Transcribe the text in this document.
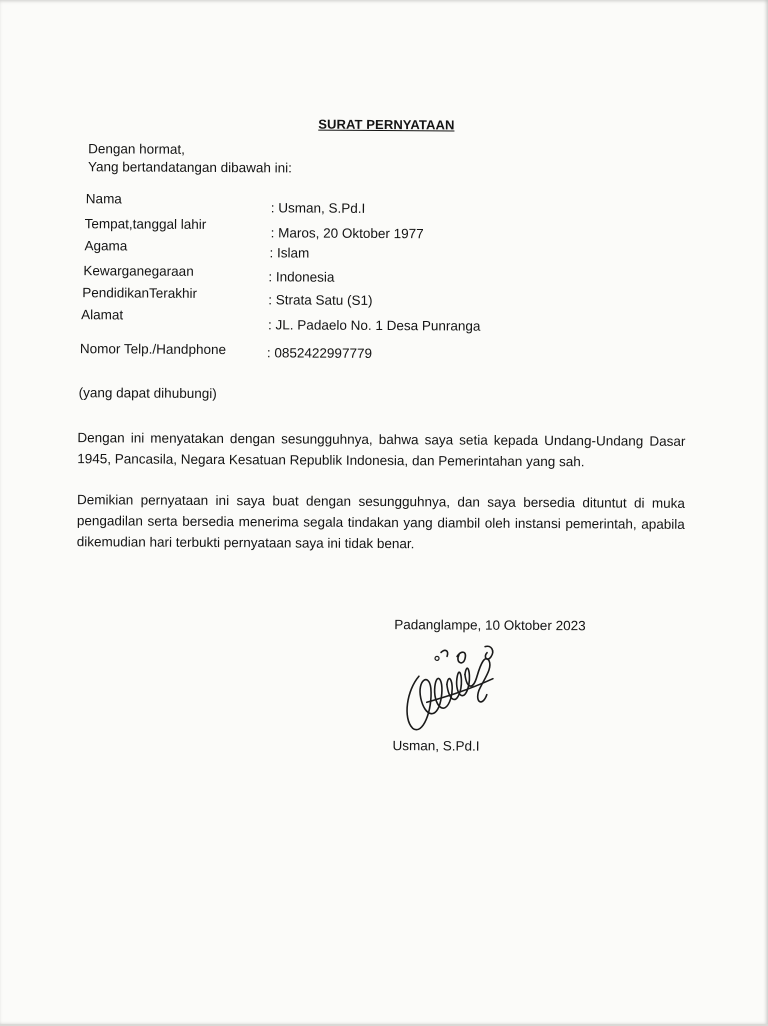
SURAT PERNYATAAN
Dengan hormat,
Yang bertandatangan dibawah ini:
Nama
Tempat,tanggal lahir
Agama
Kewarganegaraan
PendidikanTerakhir
Alamat
Nomor Telp./Handphone
: Usman, S.Pd.I
: Maros, 20 Oktober 1977
: Islam
: Indonesia
: Strata Satu (S1)
: JL. Padaelo No. 1 Desa Punranga
: 0852422997779
(yang dapat dihubungi)
Dengan ini menyatakan dengan sesungguhnya, bahwa saya setia kepada Undang-Undang Dasar 1945, Pancasila, Negara Kesatuan Republik Indonesia, dan Pemerintahan yang sah.
Demikian pernyataan ini saya buat dengan sesungguhnya, dan saya bersedia dituntut di muka pengadilan serta bersedia menerima segala tindakan yang diambil oleh instansi pemerintah, apabila dikemudian hari terbukti pernyataan saya ini tidak benar.
Padanglampe, 10 Oktober 2023
Usman, S.Pd.I
